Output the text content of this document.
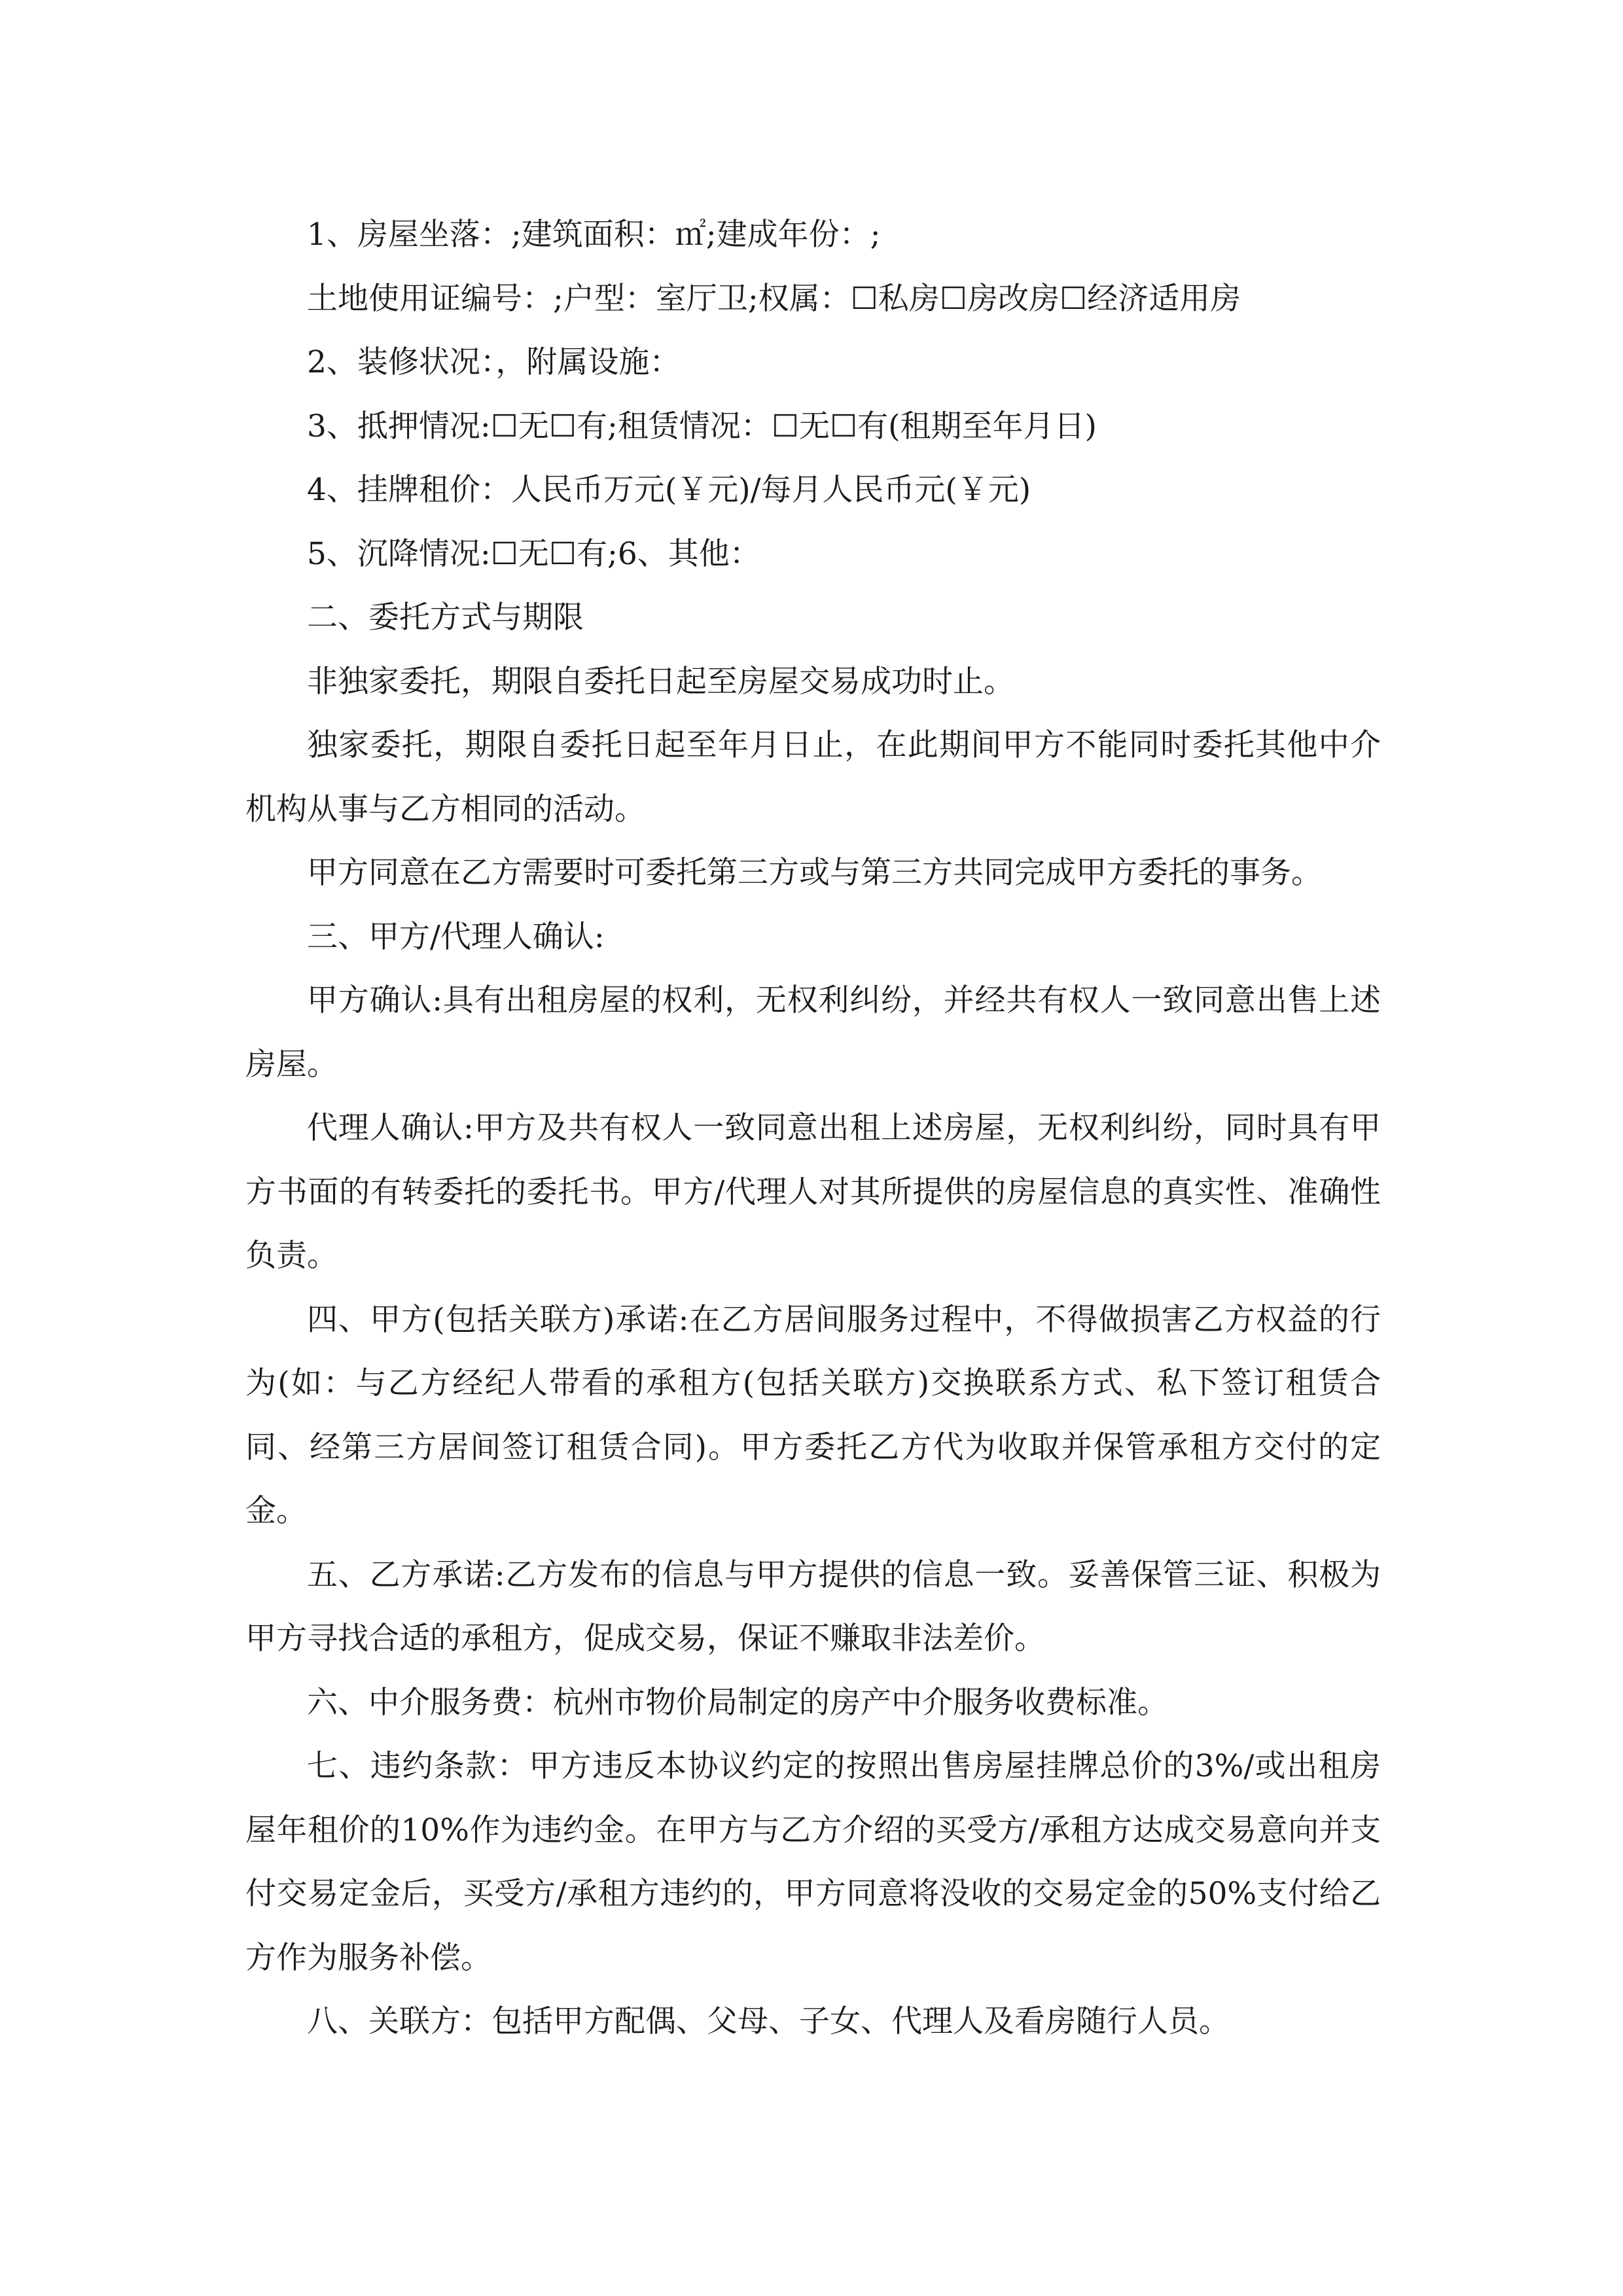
1、房屋坐落：;建筑面积：㎡;建成年份：;

土地使用证编号：;户型：室厅卫;权属：☐私房☐房改房☐经济适用房

2、装修状况：，附属设施：

3、抵押情况:☐无☐有;租赁情况：☐无☐有(租期至年月日)

4、挂牌租价：人民币万元(￥元)/每月人民币元(￥元)

5、沉降情况:☐无☐有;6、其他：

二、委托方式与期限

非独家委托，期限自委托日起至房屋交易成功时止。

独家委托，期限自委托日起至年月日止，在此期间甲方不能同时委托其他中介机构从事与乙方相同的活动。

甲方同意在乙方需要时可委托第三方或与第三方共同完成甲方委托的事务。

三、甲方/代理人确认:

甲方确认:具有出租房屋的权利，无权利纠纷，并经共有权人一致同意出售上述房屋。

代理人确认:甲方及共有权人一致同意出租上述房屋，无权利纠纷，同时具有甲方书面的有转委托的委托书。甲方/代理人对其所提供的房屋信息的真实性、准确性负责。

四、甲方(包括关联方)承诺:在乙方居间服务过程中，不得做损害乙方权益的行为(如：与乙方经纪人带看的承租方(包括关联方)交换联系方式、私下签订租赁合同、经第三方居间签订租赁合同)。甲方委托乙方代为收取并保管承租方交付的定金。

五、乙方承诺:乙方发布的信息与甲方提供的信息一致。妥善保管三证、积极为甲方寻找合适的承租方，促成交易，保证不赚取非法差价。

六、中介服务费：杭州市物价局制定的房产中介服务收费标准。

七、违约条款：甲方违反本协议约定的按照出售房屋挂牌总价的3%/或出租房屋年租价的10%作为违约金。在甲方与乙方介绍的买受方/承租方达成交易意向并支付交易定金后，买受方/承租方违约的，甲方同意将没收的交易定金的50%支付给乙方作为服务补偿。

八、关联方：包括甲方配偶、父母、子女、代理人及看房随行人员。
